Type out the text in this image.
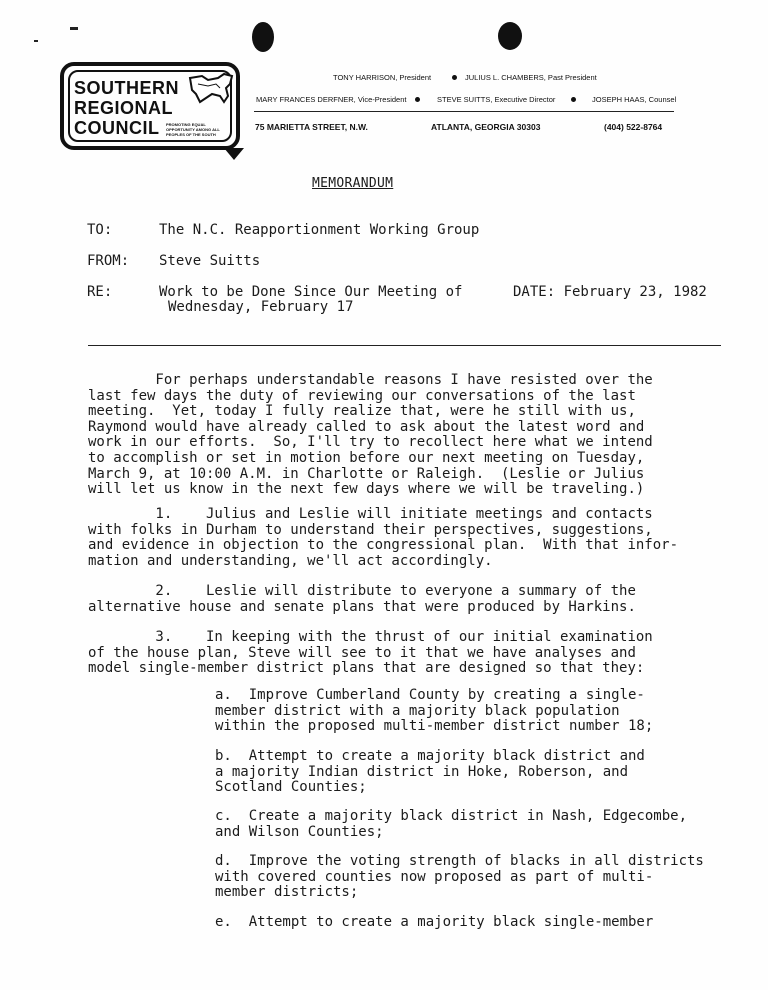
SOUTHERN
REGIONAL
COUNCIL PROMOTING EQUAL OPPORTUNITY AMONG ALL PEOPLES OF THE SOUTH
TONY HARRISON, President	JULIUS L. CHAMBERS, Past President
MARY FRANCES DERFNER, Vice-President	STEVE SUITTS, Executive Director	JOSEPH HAAS, Counsel
75 MARIETTA STREET, N.W.	ATLANTA, GEORGIA 30303	(404) 522-8764
MEMORANDUM
TO:	The N.C. Reapportionment Working Group
FROM: Steve Suitts
RE:	Work to be Done Since Our Meeting of
Wednesday, February 17
DATE: February 23, 1982
For perhaps understandable reasons I have resisted over the
last few days the duty of reviewing our conversations of the last
meeting.  Yet, today I fully realize that, were he still with us,
Raymond would have already called to ask about the latest word and
work in our efforts.  So, I'll try to recollect here what we intend
to accomplish or set in motion before our next meeting on Tuesday,
March 9, at 10:00 A.M. in Charlotte or Raleigh.  (Leslie or Julius
will let us know in the next few days where we will be traveling.)
1.    Julius and Leslie will initiate meetings and contacts
with folks in Durham to understand their perspectives, suggestions,
and evidence in objection to the congressional plan.  With that infor-
mation and understanding, we'll act accordingly.
2.    Leslie will distribute to everyone a summary of the
alternative house and senate plans that were produced by Harkins.
3.    In keeping with the thrust of our initial examination
of the house plan, Steve will see to it that we have analyses and
model single-member district plans that are designed so that they:
a.  Improve Cumberland County by creating a single-
member district with a majority black population
within the proposed multi-member district number 18;
b.  Attempt to create a majority black district and
a majority Indian district in Hoke, Roberson, and
Scotland Counties;
c.  Create a majority black district in Nash, Edgecombe,
and Wilson Counties;
d.  Improve the voting strength of blacks in all districts
with covered counties now proposed as part of multi-
member districts;
e.  Attempt to create a majority black single-member
